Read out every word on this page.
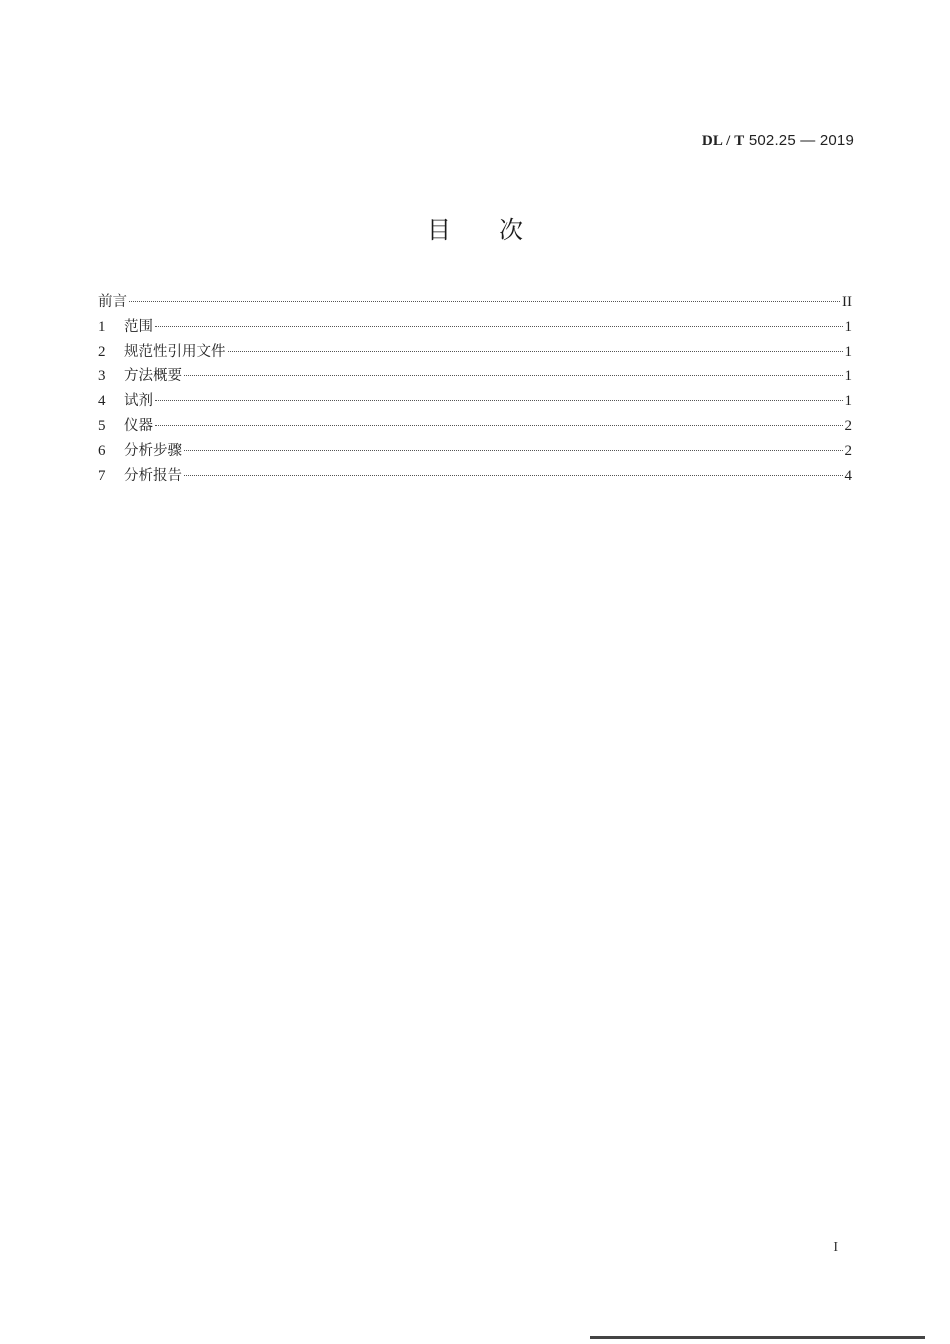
DL / T 502.25 — 2019
目次
前言	II
1	范围	1
2	规范性引用文件	1
3	方法概要	1
4	试剂	1
5	仪器	2
6	分析步骤	2
7	分析报告	4
I
